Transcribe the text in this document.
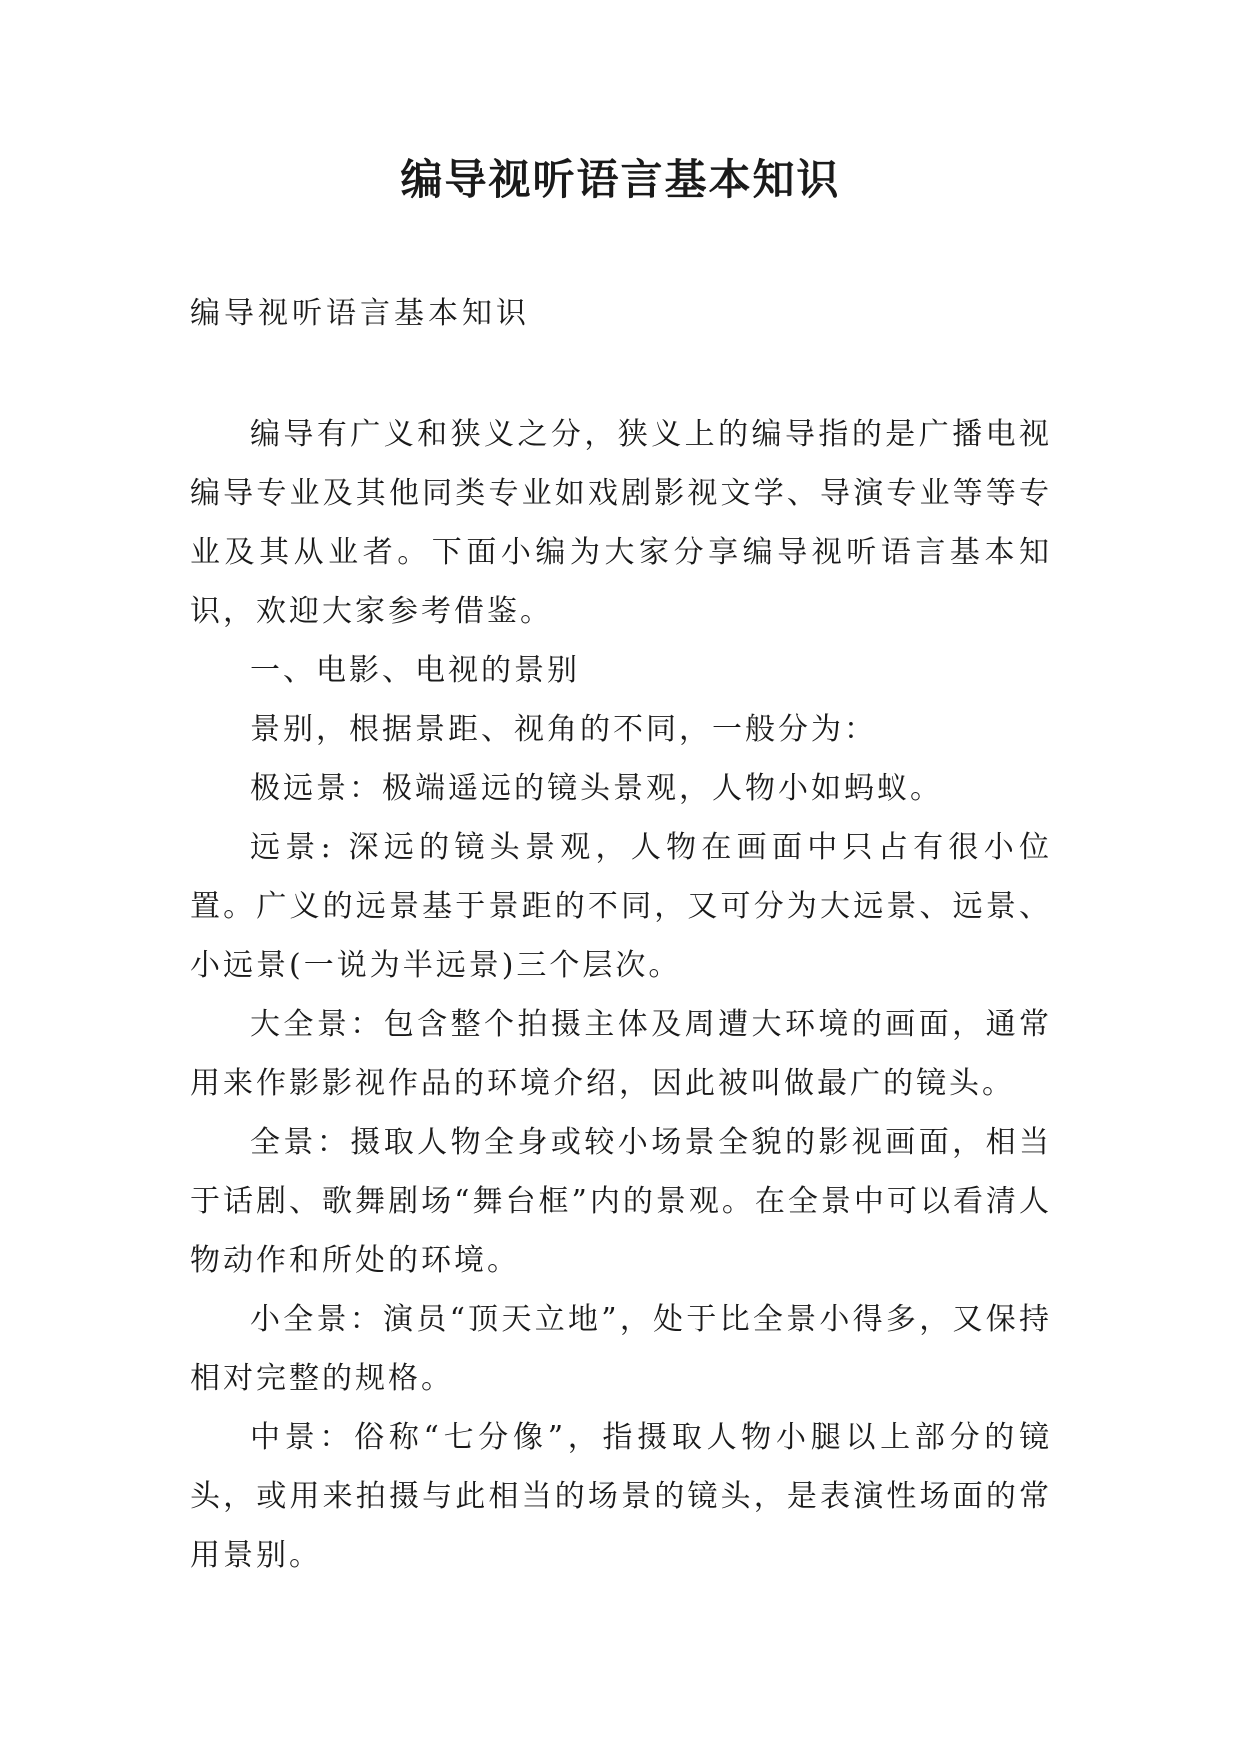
编导视听语言基本知识

编导视听语言基本知识

编导有广义和狭义之分，狭义上的编导指的是广播电视编导专业及其他同类专业如戏剧影视文学、导演专业等等专业及其从业者。下面小编为大家分享编导视听语言基本知识，欢迎大家参考借鉴。

一、电影、电视的景别

景别，根据景距、视角的不同，一般分为：

极远景：极端遥远的镜头景观，人物小如蚂蚁。

远景: 深远的镜头景观，人物在画面中只占有很小位置。广义的远景基于景距的不同，又可分为大远景、远景、小远景(一说为半远景)三个层次。

大全景：包含整个拍摄主体及周遭大环境的画面，通常用来作影影视作品的环境介绍，因此被叫做最广的镜头。

全景：摄取人物全身或较小场景全貌的影视画面，相当于话剧、歌舞剧场“舞台框”内的景观。在全景中可以看清人物动作和所处的环境。

小全景：演员“顶天立地”，处于比全景小得多，又保持相对完整的规格。

中景：俗称“七分像”，指摄取人物小腿以上部分的镜头，或用来拍摄与此相当的场景的镜头，是表演性场面的常用景别。
